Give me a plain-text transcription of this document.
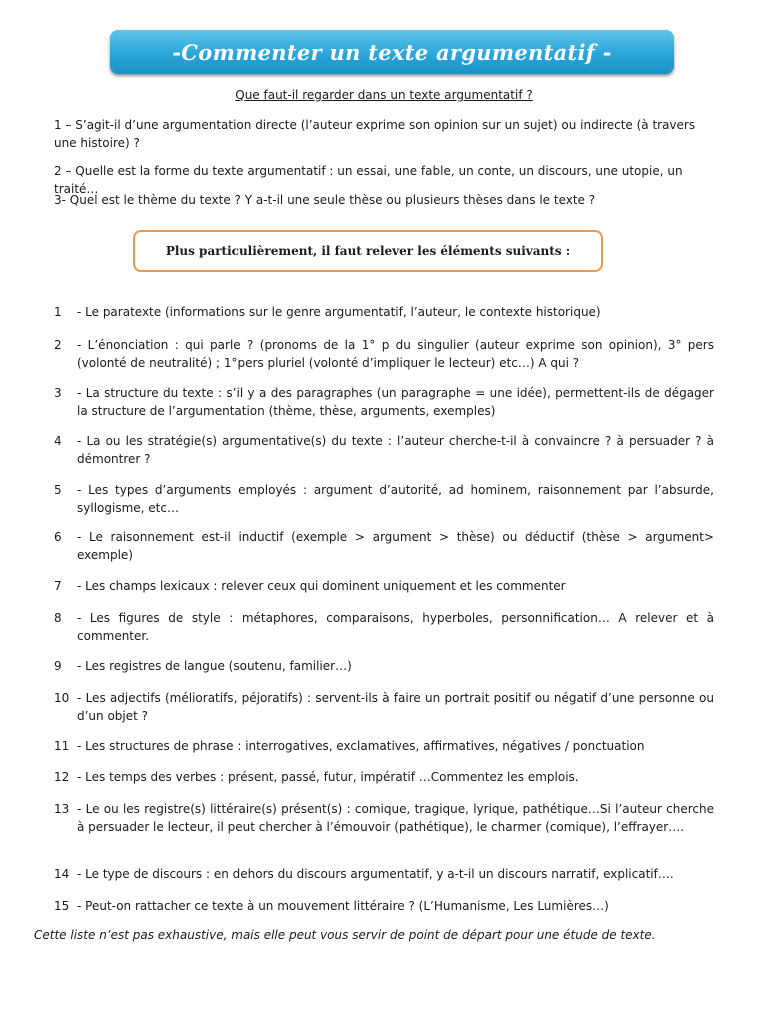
-Commenter un texte argumentatif -
Que faut-il regarder dans un texte argumentatif ?

1 – S’agit-il d’une argumentation directe (l’auteur exprime son opinion sur un sujet) ou indirecte (à travers une histoire) ?

2 – Quelle est la forme du texte argumentatif : un essai, une fable, un conte, un discours, une utopie, un traité…

3- Quel est le thème du texte ? Y a-t-il une seule thèse ou plusieurs thèses dans le texte ?

Plus particulièrement, il faut relever les éléments suivants :
1	- Le paratexte (informations sur le genre argumentatif, l’auteur, le contexte historique)
2	- L’énonciation : qui parle ? (pronoms de la 1° p du singulier (auteur exprime son opinion), 3° pers (volonté de neutralité) ; 1°pers pluriel (volonté d’impliquer le lecteur) etc…) A qui ?
3	- La structure du texte : s’il y a des paragraphes (un paragraphe = une idée), permettent-ils de dégager la structure de l’argumentation (thème, thèse, arguments, exemples)
4	- La ou les stratégie(s) argumentative(s) du texte : l’auteur cherche-t-il à convaincre ? à persuader ? à démontrer ?
5	- Les types d’arguments employés : argument d’autorité, ad hominem, raisonnement par l’absurde, syllogisme, etc…
6	- Le raisonnement est-il inductif (exemple > argument > thèse) ou déductif (thèse > argument> exemple)
7	- Les champs lexicaux : relever ceux qui dominent uniquement et les commenter
8	- Les figures de style : métaphores, comparaisons, hyperboles, personnification… A relever et à commenter.
9	- Les registres de langue (soutenu, familier…)
10 - Les adjectifs (mélioratifs, péjoratifs) : servent-ils à faire un portrait positif ou négatif d’une personne ou d’un objet ?
11 - Les structures de phrase : interrogatives, exclamatives, affirmatives, négatives / ponctuation
12 - Les temps des verbes : présent, passé, futur, impératif …Commentez les emplois.
13 - Le ou les registre(s) littéraire(s) présent(s) : comique, tragique, lyrique, pathétique…Si l’auteur cherche à persuader le lecteur, il peut chercher à l’émouvoir (pathétique), le charmer (comique), l’effrayer….
14 - Le type de discours : en dehors du discours argumentatif, y a-t-il un discours narratif, explicatif….
15 - Peut-on rattacher ce texte à un mouvement littéraire ? (L’Humanisme, Les Lumières…)
Cette liste n’est pas exhaustive, mais elle peut vous servir de point de départ pour une étude de texte.
